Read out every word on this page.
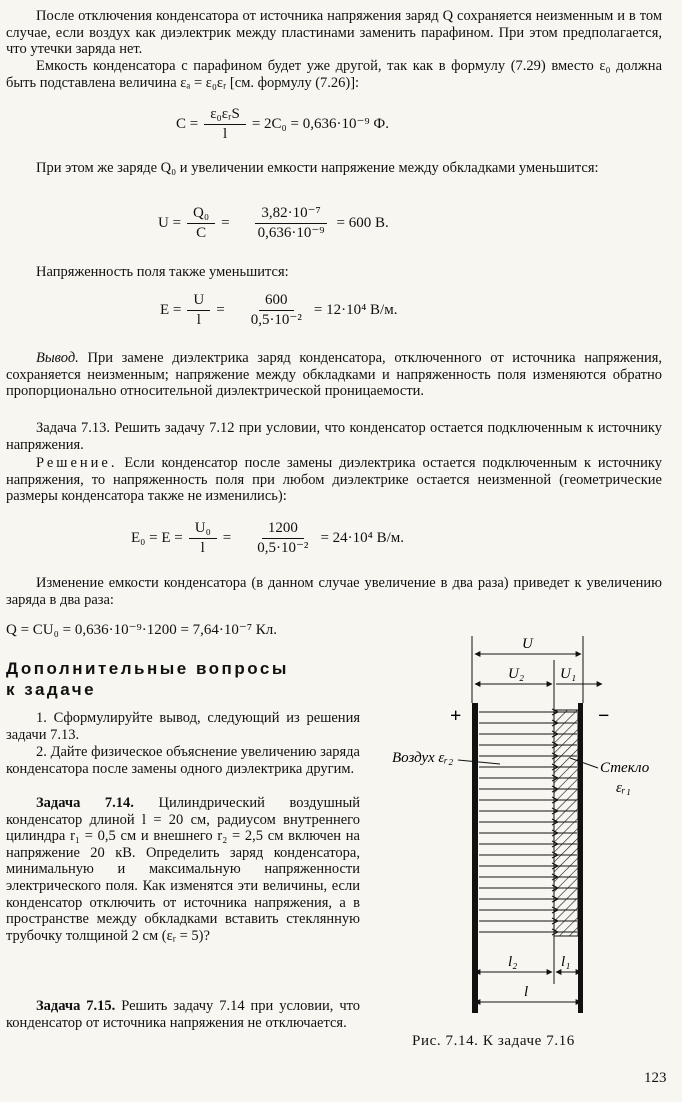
После отключения конденсатора от источника напряжения заряд Q сохраняется неизменным и в том случае, если воздух как диэлектрик между пластинами заменить парафином. При этом предполагается, что утечки заряда нет.
Емкость конденсатора с парафином будет уже другой, так как в формулу (7.29) вместо ε₀ должна быть подставлена величина εₐ = ε₀εᵣ [см. формулу (7.26)]:
$C = \frac{\text{ε₀εᵣS}}{l} = 2C_0 = 0,636\cdot 10^{-9}$ Ф.
При этом же заряде Q₀ и увеличении емкости напряжение между обкладками уменьшится:
$U = \frac{\text{Q₀}}{C} = \frac{\text{3,82·10⁻⁷}}{\text{0,636·10⁻⁹}} = 600$ В.
Напряженность поля также уменьшится:
$E = \frac{U}{l} = \frac{600}{\text{0,5·10⁻²}} = 12\cdot 10^4$ В/м.
Вывод. При замене диэлектрика заряд конденсатора, отключенного от источника напряжения, сохраняется неизменным; напряжение между обкладками и напряженность поля изменяются обратно пропорционально относительной диэлектрической проницаемости.
Задача 7.13. Решить задачу 7.12 при условии, что конденсатор остается подключенным к источнику напряжения.
Решение. Если конденсатор после замены диэлектрика остается подключенным к источнику напряжения, то напряженность поля при любом диэлектрике остается неизменной (геометрические размеры конденсатора также не изменились):
$E_0 = E = \frac{\text{U₀}}{l} = \frac{1200}{\text{0,5·10⁻²}} = 24\cdot 10^4$ В/м.
Изменение емкости конденсатора (в данном случае увеличение в два раза) приведет к увеличению заряда в два раза:
Q = CU₀ = 0,636·10⁻⁹·1200 = 7,64·10⁻⁷ Кл.
Дополнительные вопросы
к задаче
1. Сформулируйте вывод, следующий из решения задачи 7.13.
2. Дайте физическое объяснение увеличению заряда конденсатора после замены одного диэлектрика другим.
Задача 7.14. Цилиндрический воздушный конденсатор длиной l = 20 см, радиусом внутреннего цилиндра r₁ = 0,5 см и внешнего r₂ = 2,5 см включен на напряжение 20 кВ. Определить заряд конденсатора, минимальную и максимальную напряженности электрического поля. Как изменятся эти величины, если конденсатор отключить от источника напряжения, а в пространстве между обкладками вставить стеклянную трубочку толщиной 2 см (εᵣ = 5)?
Задача 7.15. Решить задачу 7.14 при условии, что конденсатор от источника напряжения не отключается.
U
U₂ U₁
+	−
Воздух εᵣ₂
Стекло
εᵣ₁
l₂	l₁
l
Рис. 7.14. К задаче 7.16
123
